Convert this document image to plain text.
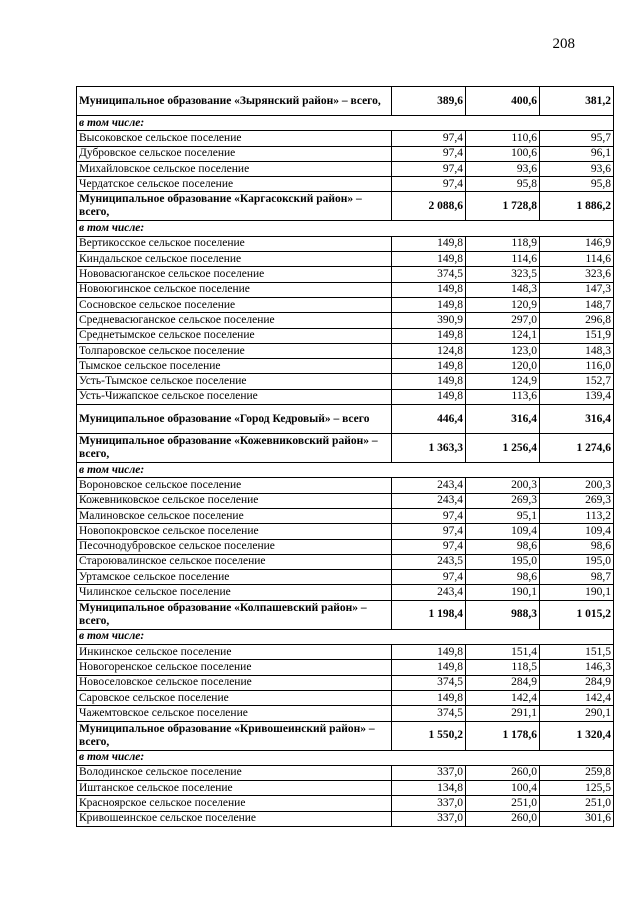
208
Муниципальное образование «Зырянский район» – всего,	389,6	400,6	381,2
в том числе:			
Высоковское сельское поселение	97,4	110,6	95,7
Дубровское сельское поселение	97,4	100,6	96,1
Михайловское сельское поселение	97,4	93,6	93,6
Чердатское сельское поселение	97,4	95,8	95,8
Муниципальное образование «Каргасокский район» – всего,	2 088,6	1 728,8	1 886,2
в том числе:			
Вертикосское сельское поселение	149,8	118,9	146,9
Киндальское сельское поселение	149,8	114,6	114,6
Нововасюганское сельское поселение	374,5	323,5	323,6
Новоюгинское сельское поселение	149,8	148,3	147,3
Сосновское сельское поселение	149,8	120,9	148,7
Средневасюганское сельское поселение	390,9	297,0	296,8
Среднетымское сельское поселение	149,8	124,1	151,9
Толпаровское сельское поселение	124,8	123,0	148,3
Тымское сельское поселение	149,8	120,0	116,0
Усть-Тымское сельское поселение	149,8	124,9	152,7
Усть-Чижапское сельское поселение	149,8	113,6	139,4
Муниципальное образование «Город Кедровый» – всего	446,4	316,4	316,4
Муниципальное образование «Кожевниковский район» – всего,	1 363,3	1 256,4	1 274,6
в том числе:			
Вороновское сельское поселение	243,4	200,3	200,3
Кожевниковское сельское поселение	243,4	269,3	269,3
Малиновское сельское поселение	97,4	95,1	113,2
Новопокровское сельское поселение	97,4	109,4	109,4
Песочнодубровское сельское поселение	97,4	98,6	98,6
Староювалинское сельское поселение	243,5	195,0	195,0
Уртамское сельское поселение	97,4	98,6	98,7
Чилинское сельское поселение	243,4	190,1	190,1
Муниципальное образование «Колпашевский район» – всего,	1 198,4	988,3	1 015,2
в том числе:			
Инкинское сельское поселение	149,8	151,4	151,5
Новогоренское сельское поселение	149,8	118,5	146,3
Новоселовское сельское поселение	374,5	284,9	284,9
Саровское сельское поселение	149,8	142,4	142,4
Чажемтовское сельское поселение	374,5	291,1	290,1
Муниципальное образование «Кривошеинский район» – всего,	1 550,2	1 178,6	1 320,4
в том числе:			
Володинское сельское поселение	337,0	260,0	259,8
Иштанское сельское поселение	134,8	100,4	125,5
Красноярское сельское поселение	337,0	251,0	251,0
Кривошеинское сельское поселение	337,0	260,0	301,6
